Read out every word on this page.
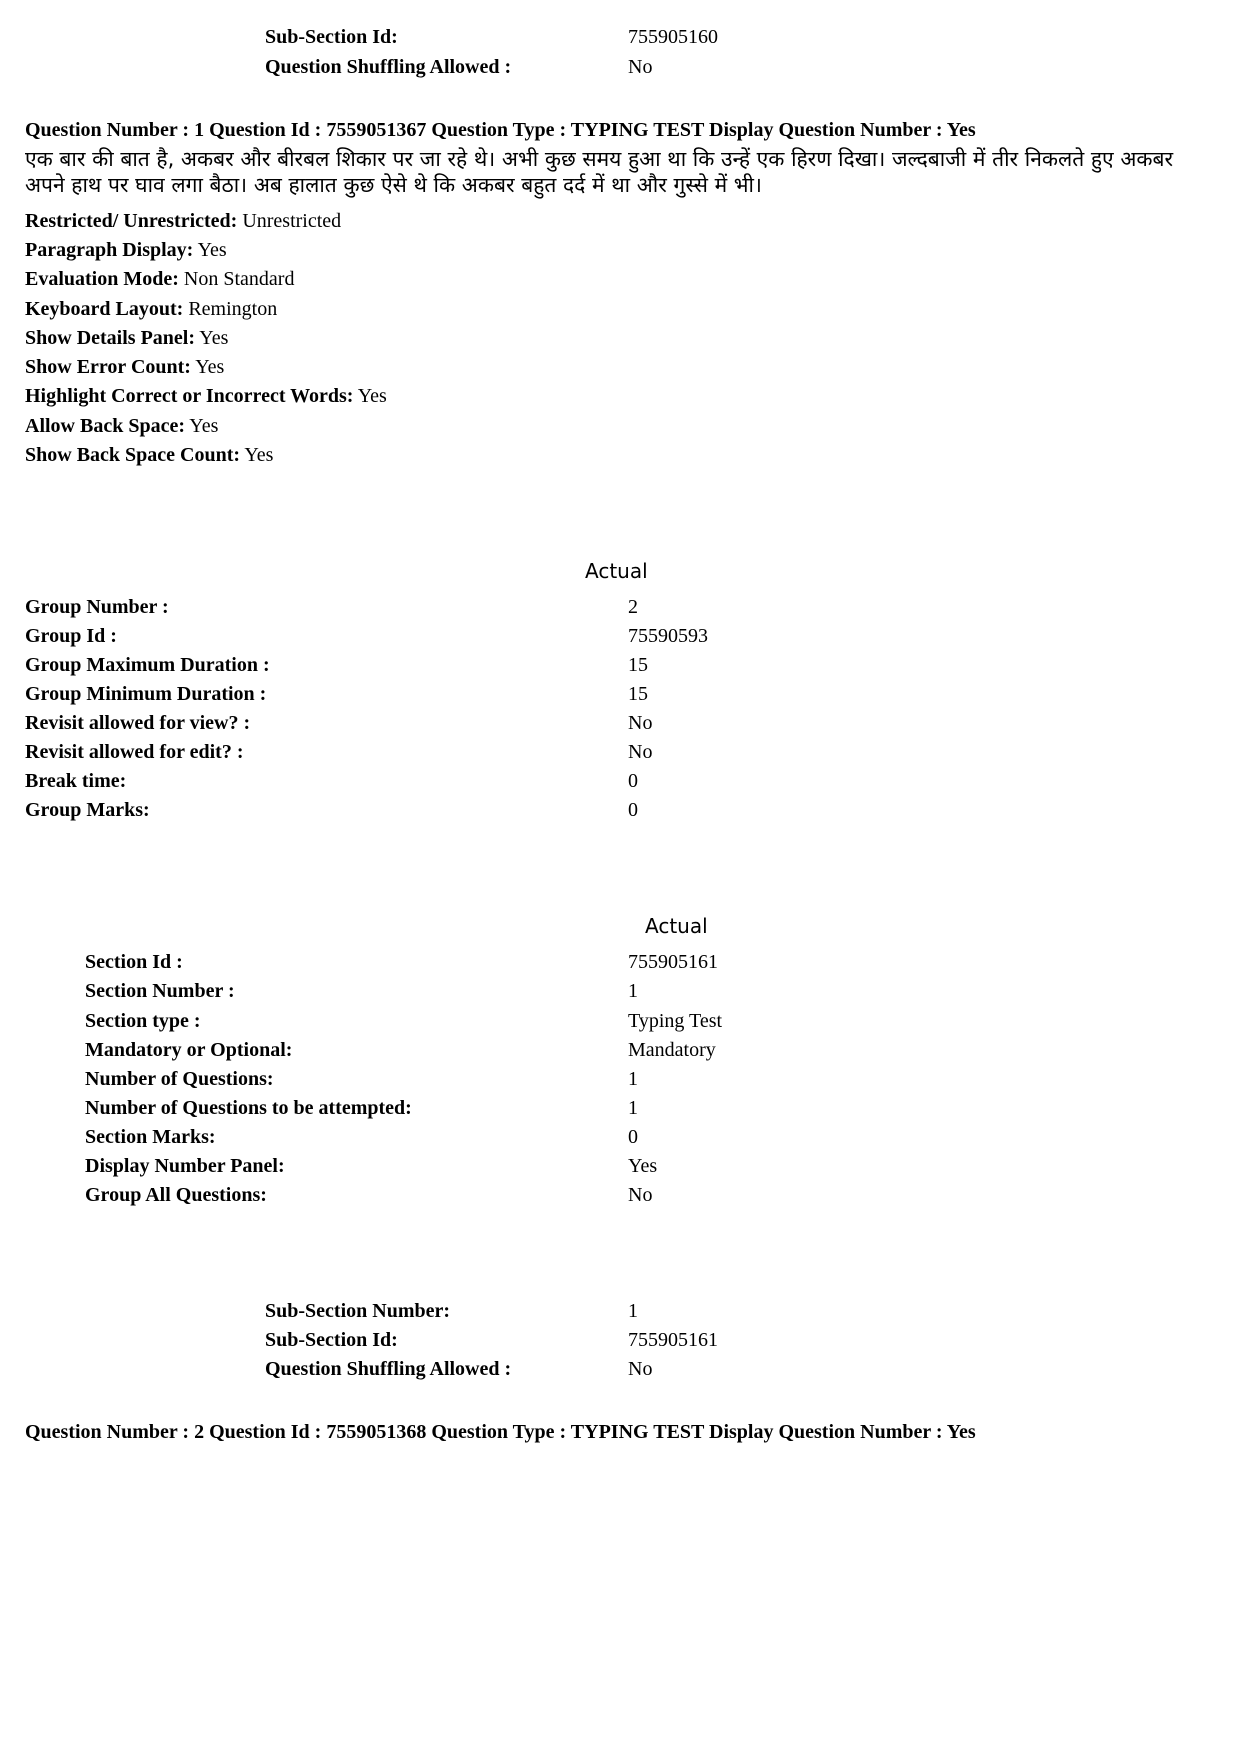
Sub-Section Id:	755905160
Question Shuffling Allowed :	No
Question Number : 1 Question Id : 7559051367 Question Type : TYPING TEST Display Question Number : Yes
एक बार की बात है, अकबर और बीरबल शिकार पर जा रहे थे। अभी कुछ समय हुआ था कि उन्हें एक हिरण दिखा। जल्दबाजी में तीर निकलते हुए अकबर अपने हाथ पर घाव लगा बैठा। अब हालात कुछ ऐसे थे कि अकबर बहुत दर्द में था और गुस्से में भी।
Restricted/ Unrestricted: Unrestricted
Paragraph Display: Yes
Evaluation Mode: Non Standard
Keyboard Layout: Remington
Show Details Panel: Yes
Show Error Count: Yes
Highlight Correct or Incorrect Words: Yes
Allow Back Space: Yes
Show Back Space Count: Yes
Actual
Group Number :	2
Group Id :	75590593
Group Maximum Duration :	15
Group Minimum Duration :	15
Revisit allowed for view? :	No
Revisit allowed for edit? :	No
Break time:	0
Group Marks:	0
Actual
Section Id :	755905161
Section Number :	1
Section type :	Typing Test
Mandatory or Optional:	Mandatory
Number of Questions:	1
Number of Questions to be attempted:	1
Section Marks:	0
Display Number Panel:	Yes
Group All Questions:	No
Sub-Section Number:	1
Sub-Section Id:	755905161
Question Shuffling Allowed :	No
Question Number : 2 Question Id : 7559051368 Question Type : TYPING TEST Display Question Number : Yes
